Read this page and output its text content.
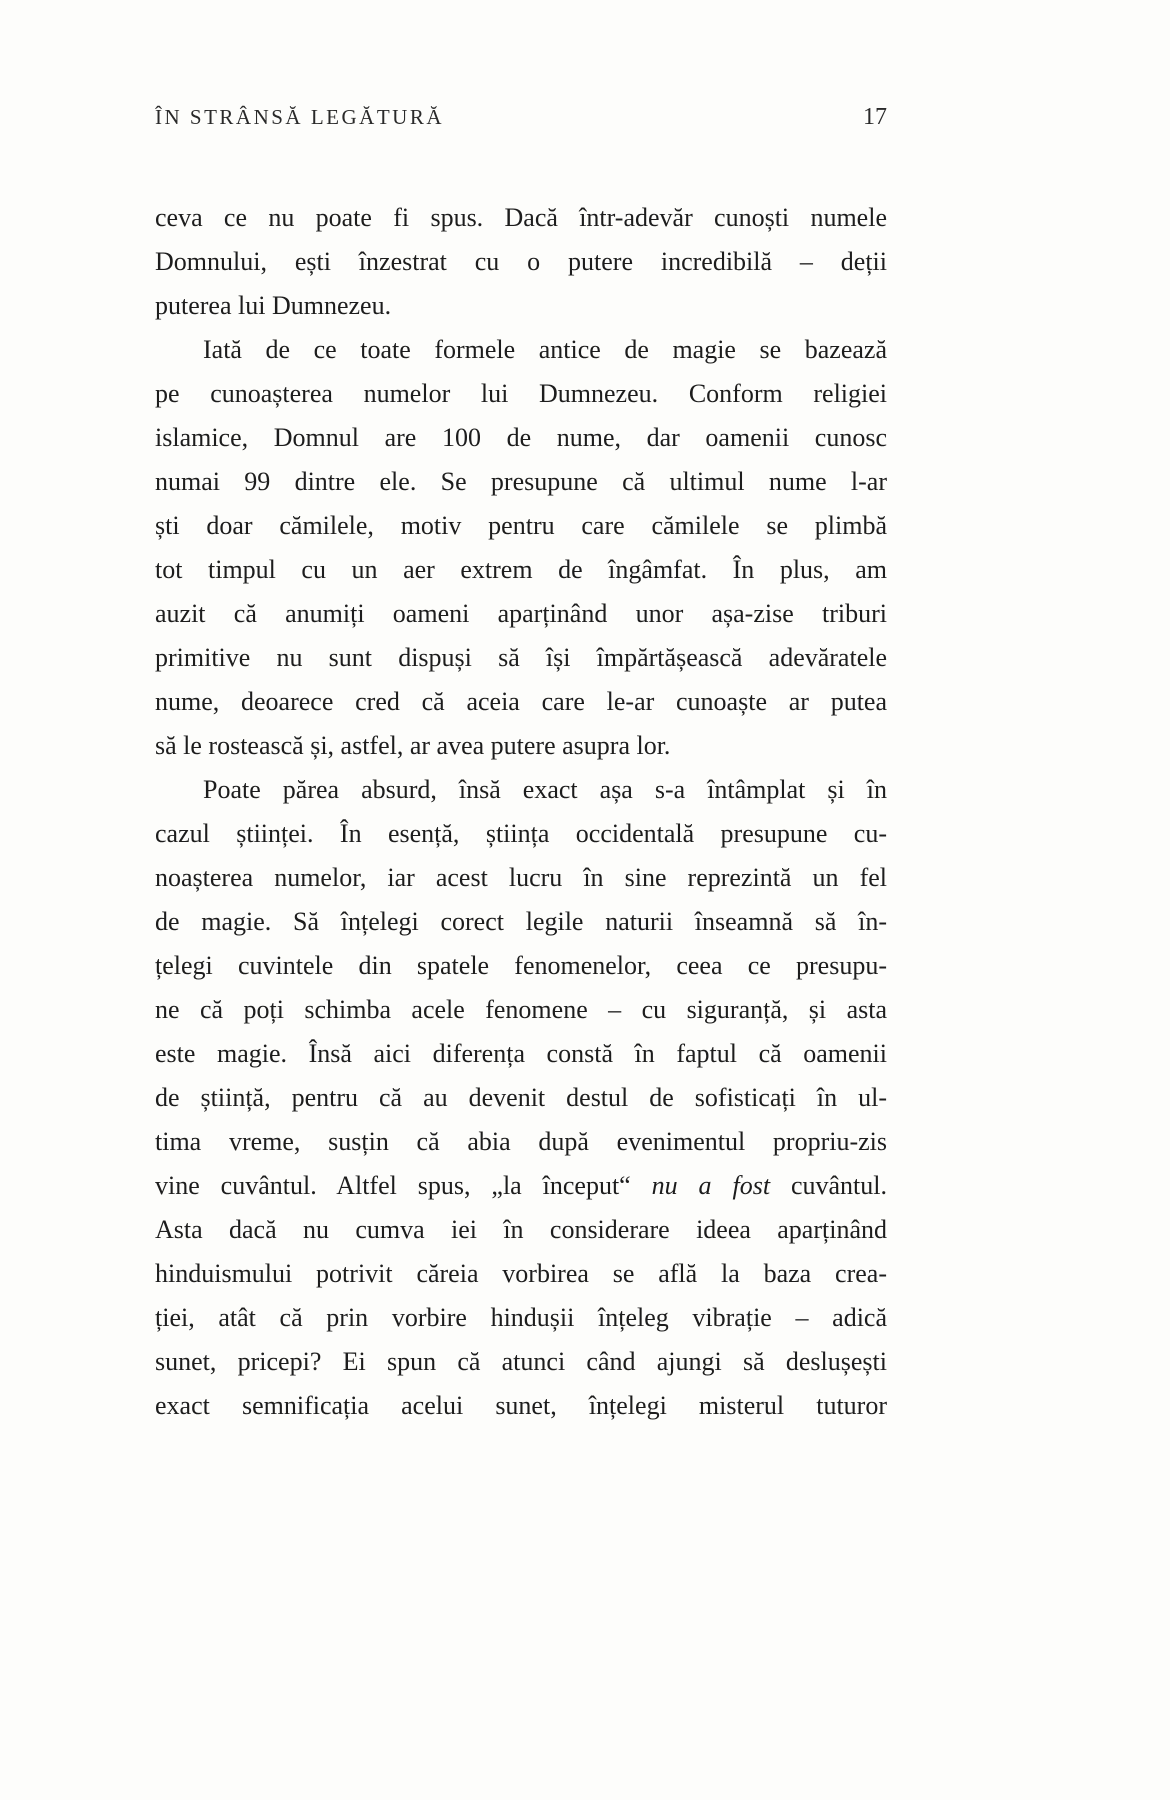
ÎN STRÂNSĂ LEGĂTURĂ	17
ceva ce nu poate fi spus. Dacă într-adevăr cunoști numele
Domnului, ești înzestrat cu o putere incredibilă – deții
puterea lui Dumnezeu.
Iată de ce toate formele antice de magie se bazează
pe cunoașterea numelor lui Dumnezeu. Conform religiei
islamice, Domnul are 100 de nume, dar oamenii cunosc
numai 99 dintre ele. Se presupune că ultimul nume l-ar
ști doar cămilele, motiv pentru care cămilele se plimbă
tot timpul cu un aer extrem de îngâmfat. În plus, am
auzit că anumiți oameni aparținând unor așa-zise triburi
primitive nu sunt dispuși să își împărtășească adevăratele
nume, deoarece cred că aceia care le-ar cunoaște ar putea
să le rostească și, astfel, ar avea putere asupra lor.
Poate părea absurd, însă exact așa s-a întâmplat și în
cazul științei. În esență, știința occidentală presupune cu-
noașterea numelor, iar acest lucru în sine reprezintă un fel
de magie. Să înțelegi corect legile naturii înseamnă să în-
țelegi cuvintele din spatele fenomenelor, ceea ce presupu-
ne că poți schimba acele fenomene – cu siguranță, și asta
este magie. Însă aici diferența constă în faptul că oamenii
de știință, pentru că au devenit destul de sofisticați în ul-
tima vreme, susțin că abia după evenimentul propriu-zis
vine cuvântul. Altfel spus, „la început“ nu a fost cuvântul.
Asta dacă nu cumva iei în considerare ideea aparținând
hinduismului potrivit căreia vorbirea se află la baza crea-
ției, atât că prin vorbire hindușii înțeleg vibrație – adică
sunet, pricepi? Ei spun că atunci când ajungi să deslușești
exact semnificația acelui sunet, înțelegi misterul tuturor
